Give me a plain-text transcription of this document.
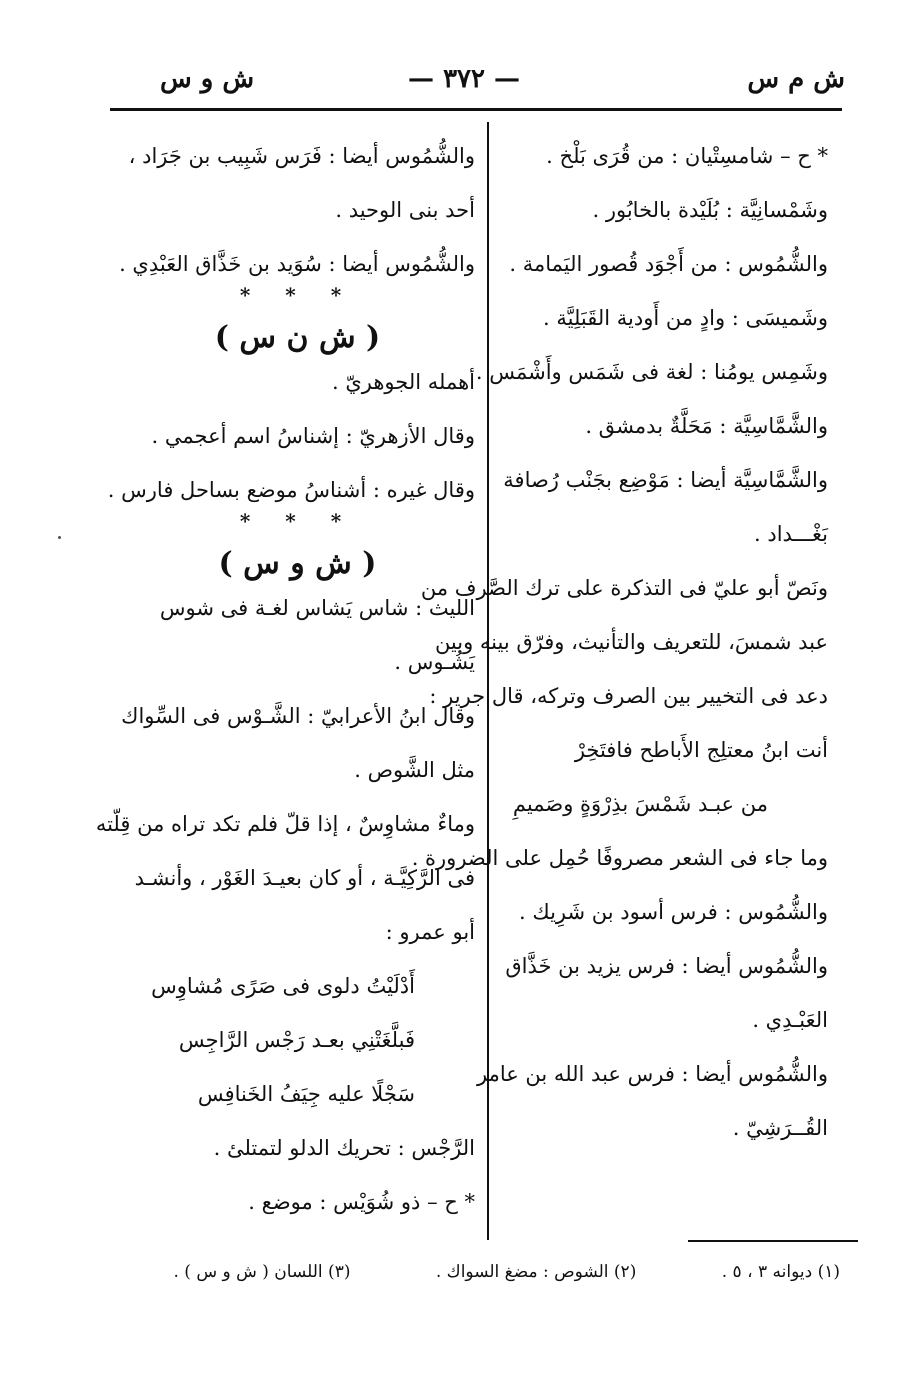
ش م س
— ٣٧٢ —
ش و س
* ح – شامسِتْيان : من قُرَى بَلْخ .
وشَمْسانِيَّة : بُلَيْدة بالخابُور .
والشُّمُوس : من أَجْوَد قُصور اليَمامة .
وشَميسَى : وادٍ من أَودية القَبَلِيَّة .
وشَمِس يومُنا : لغة فى شَمَس وأَشْمَس .
والشَّمَّاسِيَّة : مَحَلَّةٌ بدمشق .
والشَّمَّاسِيَّة أيضا : مَوْضِع بجَنْب رُصافة
بَغْـــداد .
ونَصّ أبو عليّ فى التذكرة على ترك الصَّرف من
عبد شمسَ، للتعريف والتأنيث، وفرّق بينه وبين
دعد فى التخيير بين الصرف وتركه، قال جرير :
أنت ابنُ معتلِج الأَباطح فافتَخِرْ
من عبـد شَمْسَ بذِرْوَةٍ وصَميمِ
وما جاء فى الشعر مصروفًا حُمِل على الضرورة .
والشُّمُوس : فرس أسود بن شَرِيك .
والشُّمُوس أيضا : فرس يزيد بن خَذَّاق
العَبْـدِي .
والشُّمُوس أيضا : فرس عبد الله بن عامر
القُــرَشِيّ .
والشُّمُوس أيضا : فَرَس شَبِيب بن جَرَاد ،
أحد بنى الوحيد .
والشُّمُوس أيضا : سُوَيد بن خَذَّاق العَبْدِي .
* * *
( ش ن س )
أهمله الجوهريّ .
وقال الأزهريّ : إشناسُ اسم أعجمي .
وقال غيره : أشناسُ موضع بساحل فارس .
* * *
( ش و س )
الليث : شاس يَشاس لغـة فى شوس
يَشُـوس .
وقال ابنُ الأعرابيّ : الشَّـوْس فى السِّواك
مثل الشَّوص .
وماءٌ مشاوِسٌ ، إذا قلّ فلم تكد تراه من قِلّته
فى الرَّكِيَّـة ، أو كان بعيـدَ الغَوْر ، وأنشـد
أبو عمرو :
أَدْلَيْتُ دلوى فى صَرًى مُشاوِس
فَبلَّغَتْنِي بعـد رَجْس الرَّاجِس
سَجْلًا عليه جِيَفُ الخَنافِس
الرَّجْس : تحريك الدلو لتمتلئ .
* ح – ذو شُوَيْس : موضع .
(١) ديوانه ٣ ، ٥ . (٢) الشوص : مضغ السواك . (٣) اللسان ( ش و س ) .
